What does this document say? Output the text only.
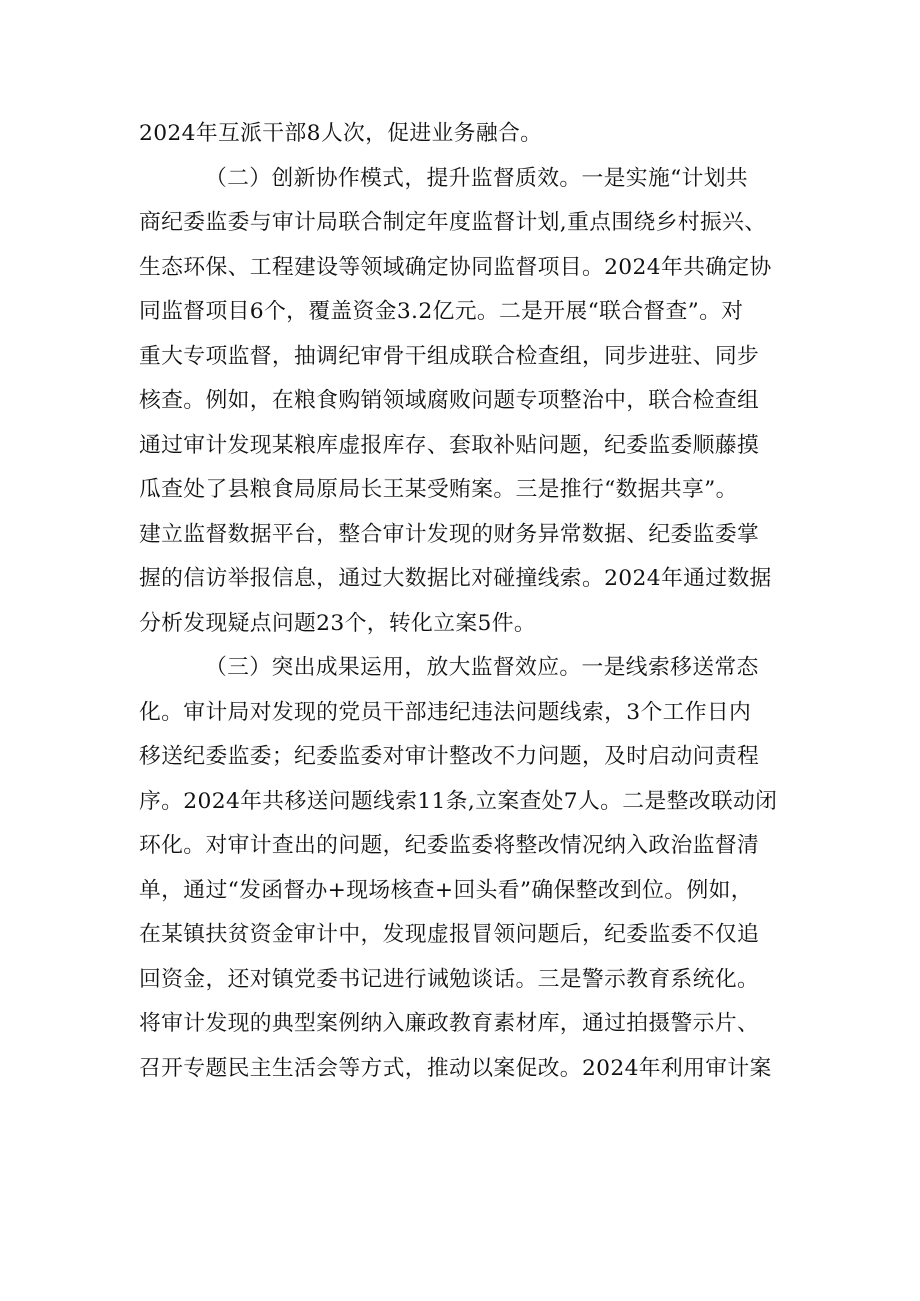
2024年互派干部8人次，促进业务融合。
（二）创新协作模式，提升监督质效。一是实施“计划共
商纪委监委与审计局联合制定年度监督计划,重点围绕乡村振兴、
生态环保、工程建设等领域确定协同监督项目。2024年共确定协
同监督项目6个，覆盖资金3.2亿元。二是开展“联合督查”。对
重大专项监督，抽调纪审骨干组成联合检查组，同步进驻、同步
核查。例如，在粮食购销领域腐败问题专项整治中，联合检查组
通过审计发现某粮库虚报库存、套取补贴问题，纪委监委顺藤摸
瓜查处了县粮食局原局长王某受贿案。三是推行“数据共享”。
建立监督数据平台，整合审计发现的财务异常数据、纪委监委掌
握的信访举报信息，通过大数据比对碰撞线索。2024年通过数据
分析发现疑点问题23个，转化立案5件。
（三）突出成果运用，放大监督效应。一是线索移送常态
化。审计局对发现的党员干部违纪违法问题线索，3个工作日内
移送纪委监委；纪委监委对审计整改不力问题，及时启动问责程
序。2024年共移送问题线索11条,立案查处7人。二是整改联动闭
环化。对审计查出的问题，纪委监委将整改情况纳入政治监督清
单，通过“发函督办+现场核查+回头看”确保整改到位。例如，
在某镇扶贫资金审计中，发现虚报冒领问题后，纪委监委不仅追
回资金，还对镇党委书记进行诫勉谈话。三是警示教育系统化。
将审计发现的典型案例纳入廉政教育素材库，通过拍摄警示片、
召开专题民主生活会等方式，推动以案促改。2024年利用审计案
